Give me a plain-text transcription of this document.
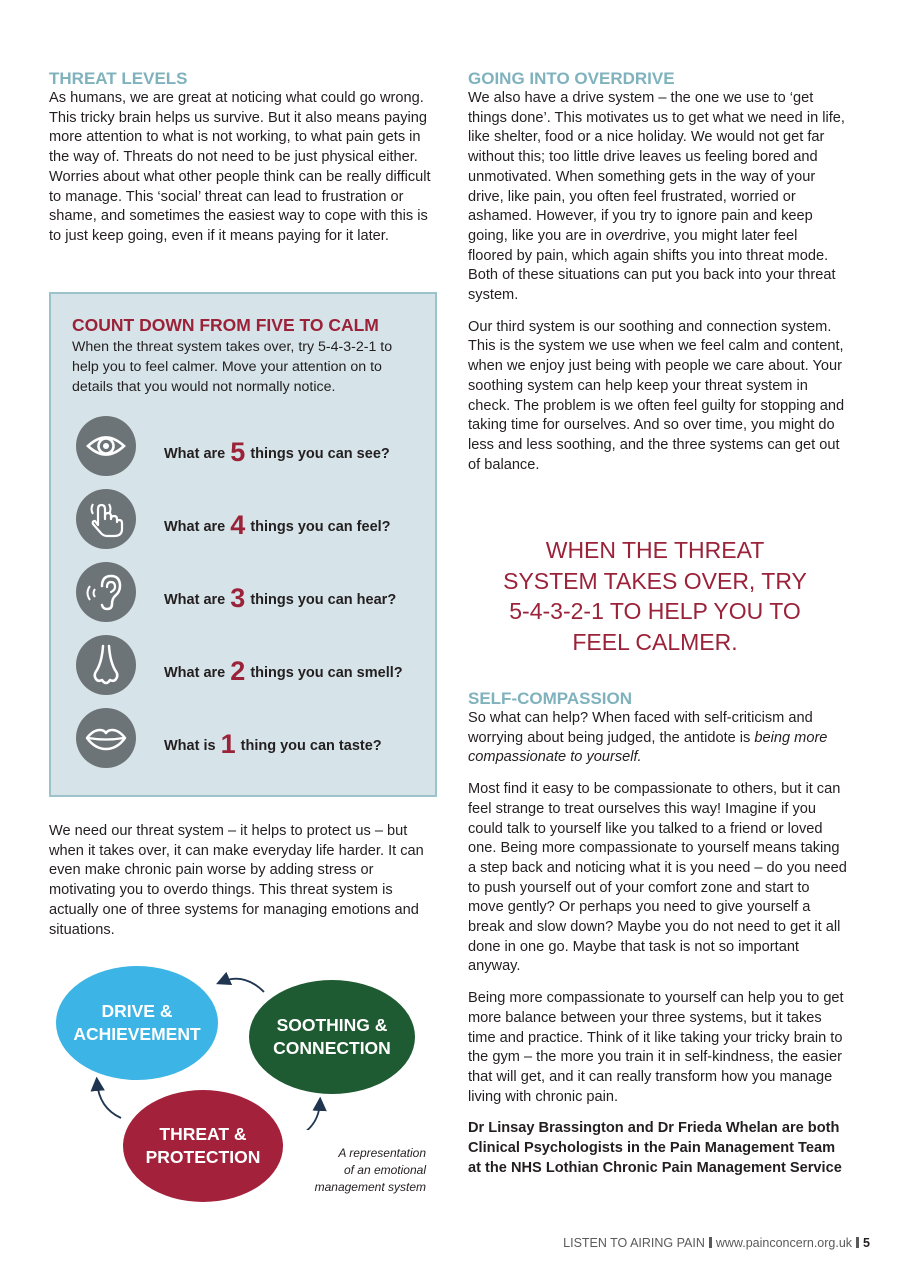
THREAT LEVELS

As humans, we are great at noticing what could go wrong. This tricky brain helps us survive. But it also means paying more attention to what is not working, to what pain gets in the way of. Threats do not need to be just physical either. Worries about what other people think can be really difficult to manage. This ‘social’ threat can lead to frustration or shame, and sometimes the easiest way to cope with this is to just keep going, even if it means paying for it later.

COUNT DOWN FROM FIVE TO CALM

When the threat system takes over, try 5-4-3-2-1 to help you to feel calmer. Move your attention on to details that you would not normally notice.

What are 5 things you can see?
What are 4 things you can feel?
What are 3 things you can hear?
What are 2 things you can smell?
What is 1 thing you can taste?

We need our threat system – it helps to protect us – but when it takes over, it can make everyday life harder. It can even make chronic pain worse by adding stress or motivating you to overdo things. This threat system is actually one of three systems for managing emotions and situations.

DRIVE &
ACHIEVEMENT	SOOTHING &
CONNECTION
THREAT &
PROTECTION	A representation
of an emotional
management system
GOING INTO OVERDRIVE

We also have a drive system – the one we use to ‘get things done’. This motivates us to get what we need in life, like shelter, food or a nice holiday. We would not get far without this; too little drive leaves us feeling bored and unmotivated. When something gets in the way of your drive, like pain, you often feel frustrated, worried or ashamed. However, if you try to ignore pain and keep going, like you are in overdrive, you might later feel floored by pain, which again shifts you into threat mode. Both of these situations can put you back into your threat system.

Our third system is our soothing and connection system. This is the system we use when we feel calm and content, when we enjoy just being with people we care about. Your soothing system can help keep your threat system in check. The problem is we often feel guilty for stopping and taking time for ourselves. And so over time, you might do less and less soothing, and the three systems can get out of balance.

WHEN THE THREAT
SYSTEM TAKES OVER, TRY
5-4-3-2-1 TO HELP YOU TO
FEEL CALMER.
SELF-COMPASSION

So what can help? When faced with self-criticism and worrying about being judged, the antidote is being more compassionate to yourself.

Most find it easy to be compassionate to others, but it can feel strange to treat ourselves this way! Imagine if you could talk to yourself like you talked to a friend or loved one. Being more compassionate to yourself means taking a step back and noticing what it is you need – do you need to push yourself out of your comfort zone and start to move gently? Or perhaps you need to give yourself a break and slow down? Maybe you do not need to get it all done in one go. Maybe that task is not so important anyway.

Being more compassionate to yourself can help you to get more balance between your three systems, but it takes time and practice. Think of it like taking your tricky brain to the gym – the more you train it in self-kindness, the easier that will get, and it can really transform how you manage living with chronic pain.

Dr Linsay Brassington and Dr Frieda Whelan are both Clinical Psychologists in the Pain Management Team at the NHS Lothian Chronic Pain Management Service

LISTEN TO AIRING PAIN www.painconcern.org.uk 5
